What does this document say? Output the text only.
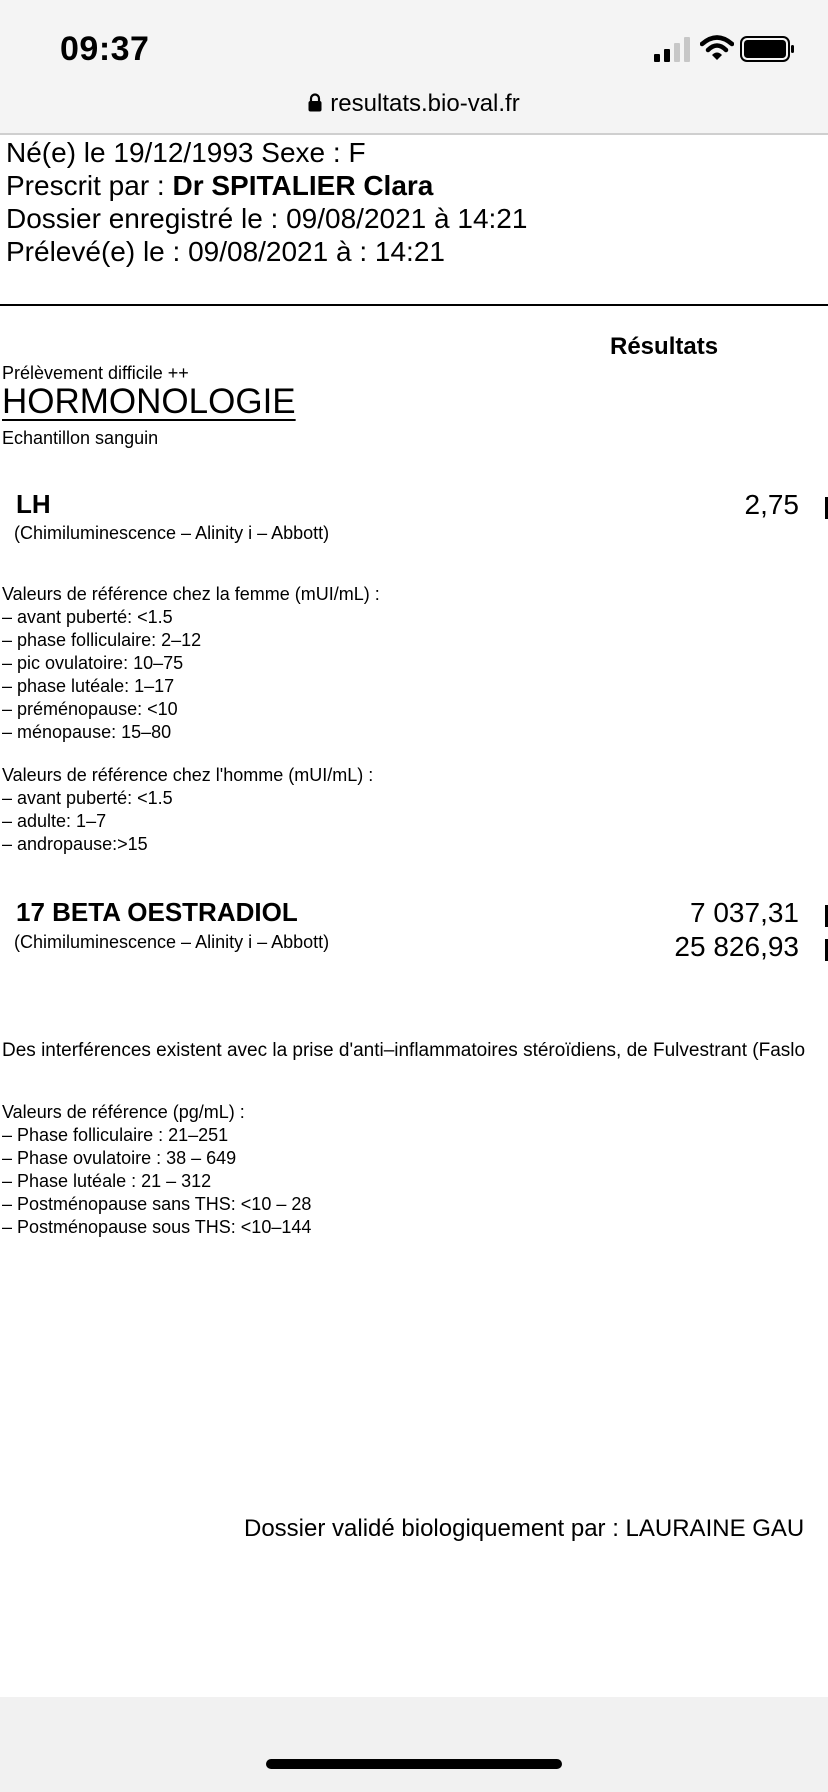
09:37
resultats.bio-val.fr
Né(e) le 19/12/1993 Sexe : F
Prescrit par : Dr SPITALIER Clara
Dossier enregistré le : 09/08/2021 à 14:21
Prélevé(e) le : 09/08/2021 à : 14:21
Résultats
Prélèvement difficile ++
HORMONOLOGIE
Echantillon sanguin
LH
(Chimiluminescence – Alinity i – Abbott)
2,75
Valeurs de référence chez la femme (mUI/mL) :
– avant puberté: <1.5
– phase folliculaire: 2–12
– pic ovulatoire: 10–75
– phase lutéale: 1–17
– préménopause: <10
– ménopause: 15–80
Valeurs de référence chez l'homme (mUI/mL) :
– avant puberté: <1.5
– adulte: 1–7
– andropause:>15
17 BETA OESTRADIOL
(Chimiluminescence – Alinity i – Abbott)
7 037,31
25 826,93
Des interférences existent avec la prise d'anti–inflammatoires stéroïdiens, de Fulvestrant (Faslo
Valeurs de référence (pg/mL) :
– Phase folliculaire : 21–251
– Phase ovulatoire : 38 – 649
– Phase lutéale : 21 – 312
– Postménopause sans THS: <10 – 28
– Postménopause sous THS: <10–144
Dossier validé biologiquement par : LAURAINE GAU
